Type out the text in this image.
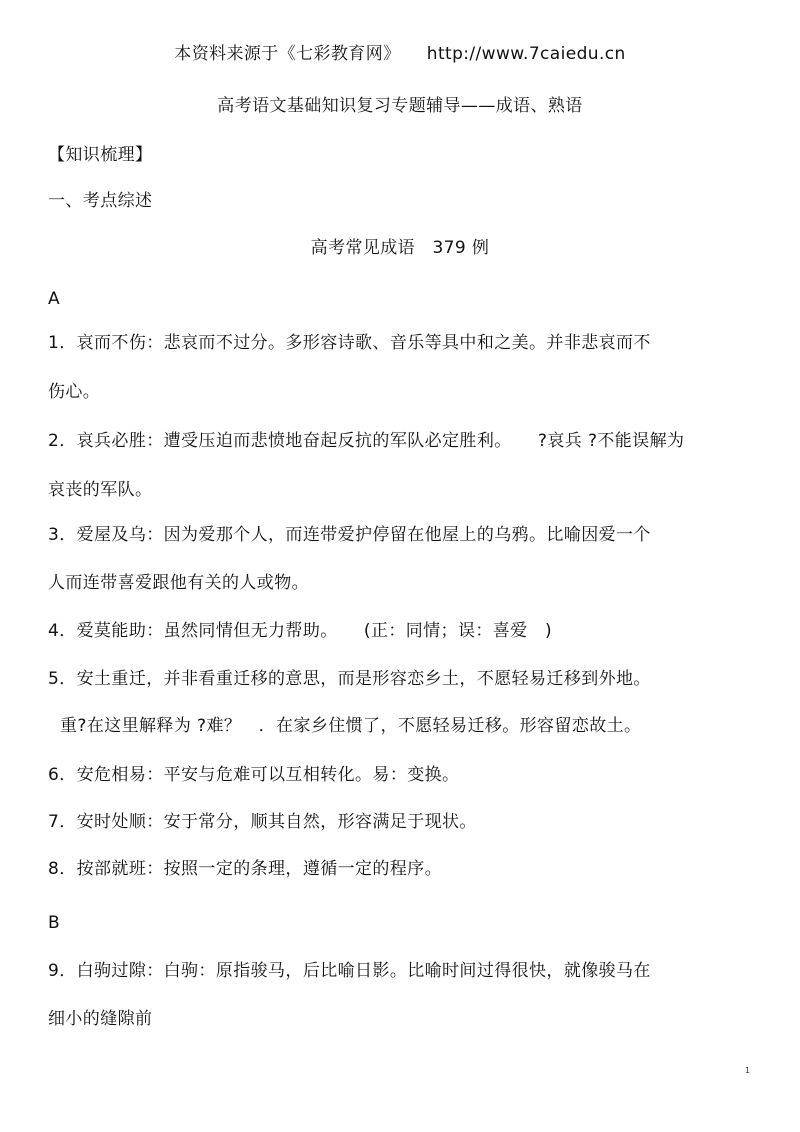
本资料来源于《七彩教育网》　　http://www.7caiedu.cn
高考语文基础知识复习专题辅导——成语、熟语
【知识梳理】
一、考点综述
高考常见成语　379 例
A
1．哀而不伤：悲哀而不过分。多形容诗歌、音乐等具中和之美。并非悲哀而不
伤心。
2．哀兵必胜：遭受压迫而悲愤地奋起反抗的军队必定胜利。　　?哀兵 ?不能误解为
哀丧的军队。
3．爱屋及乌：因为爱那个人，而连带爱护停留在他屋上的乌鸦。比喻因爱一个
人而连带喜爱跟他有关的人或物。
4．爱莫能助：虽然同情但无力帮助。　　(正：同情；误：喜爱　)
5．安土重迁，并非看重迁移的意思，而是形容恋乡土，不愿轻易迁移到外地。
重?在这里解释为 ?难？　．在家乡住惯了，不愿轻易迁移。形容留恋故土。
6．安危相易：平安与危难可以互相转化。易：变换。
7．安时处顺：安于常分，顺其自然，形容满足于现状。
8．按部就班：按照一定的条理，遵循一定的程序。
B
9．白驹过隙：白驹：原指骏马，后比喻日影。比喻时间过得很快，就像骏马在
细小的缝隙前
1
